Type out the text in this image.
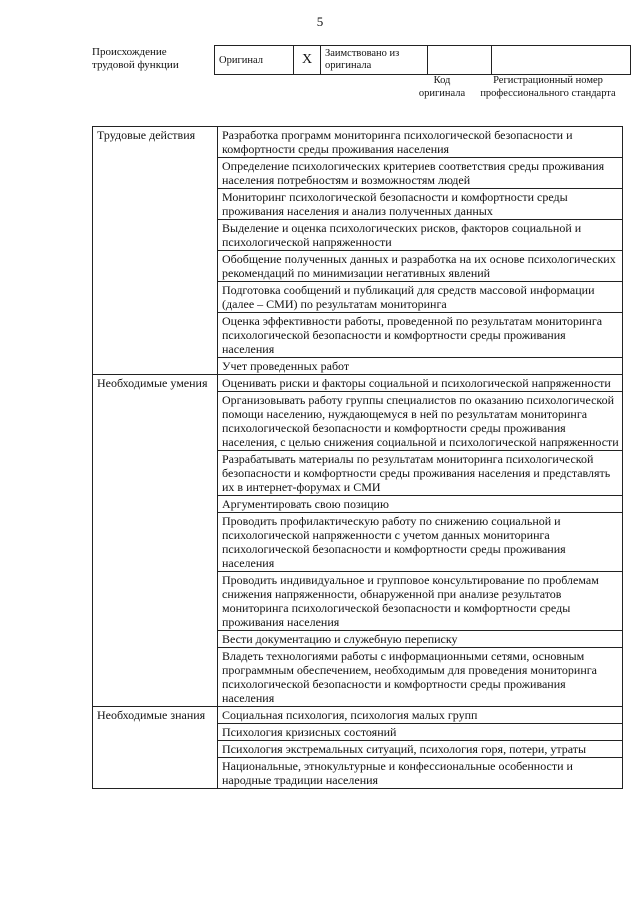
5
Происхождение трудовой функции	Оригинал	X	Заимствовано из оригинала		
Код оригинала
Регистрационный номер профессионального стандарта
Трудовые действия	Разработка программ мониторинга психологической безопасности и комфортности среды проживания населения
	Определение психологических критериев соответствия среды проживания населения потребностям и возможностям людей
	Мониторинг психологической безопасности и комфортности среды проживания населения и анализ полученных данных
	Выделение и оценка психологических рисков, факторов социальной и психологической напряженности
	Обобщение полученных данных и разработка на их основе психологических рекомендаций по минимизации негативных явлений
	Подготовка сообщений и публикаций для средств массовой информации (далее – СМИ) по результатам мониторинга
	Оценка эффективности работы, проведенной по результатам мониторинга психологической безопасности и комфортности среды проживания населения
	Учет проведенных работ
Необходимые умения	Оценивать риски и факторы социальной и психологической напряженности
	Организовывать работу группы специалистов по оказанию психологической помощи населению, нуждающемуся в ней по результатам мониторинга психологической безопасности и комфортности среды проживания населения, с целью снижения социальной и психологической напряженности
	Разрабатывать материалы по результатам мониторинга психологической безопасности и комфортности среды проживания населения и представлять их в интернет-форумах и СМИ
	Аргументировать свою позицию
	Проводить профилактическую работу по снижению социальной и психологической напряженности с учетом данных мониторинга психологической безопасности и комфортности среды проживания населения
	Проводить индивидуальное и групповое консультирование по проблемам снижения напряженности, обнаруженной при анализе результатов мониторинга психологической безопасности и комфортности среды проживания населения
	Вести документацию и служебную переписку
	Владеть технологиями работы с информационными сетями, основным программным обеспечением, необходимым для проведения мониторинга психологической безопасности и комфортности среды проживания населения
Необходимые знания	Социальная психология, психология малых групп
	Психология кризисных состояний
	Психология экстремальных ситуаций, психология горя, потери, утраты
	Национальные, этнокультурные и конфессиональные особенности и народные традиции населения
